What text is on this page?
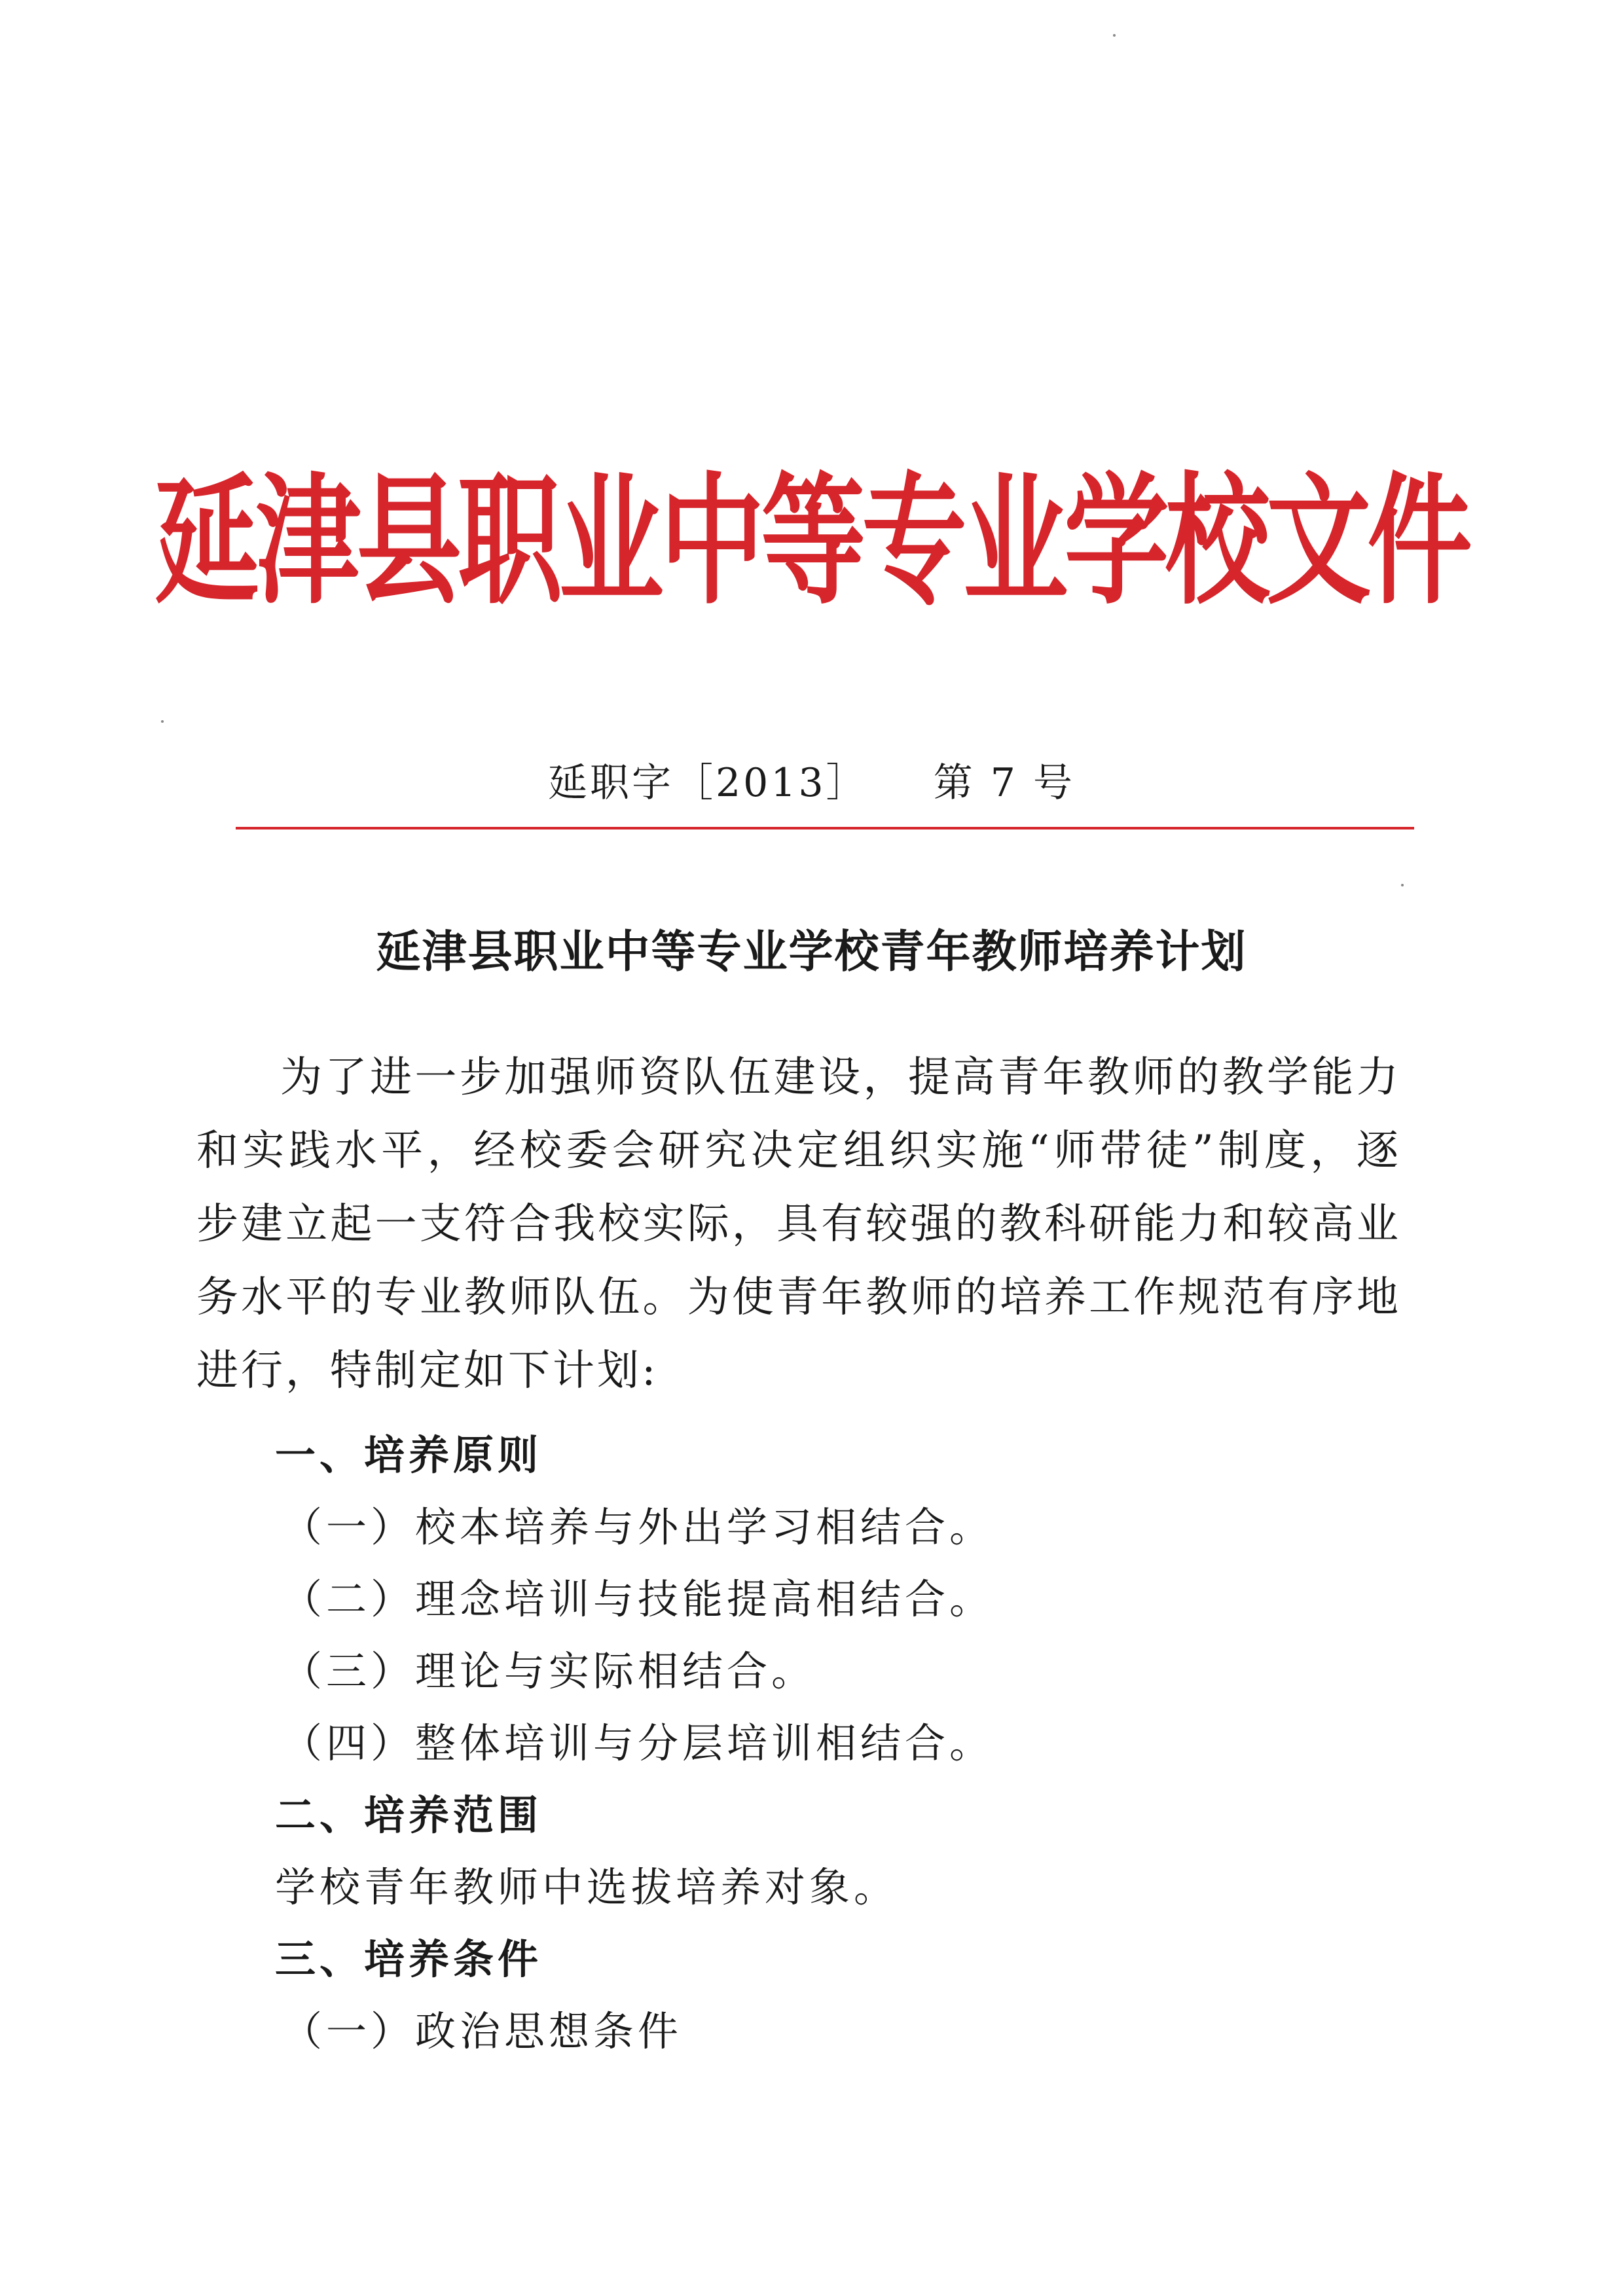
延津县职业中等专业学校文件
延职字［2013］ 第 7 号
延津县职业中等专业学校青年教师培养计划
为了进一步加强师资队伍建设，提高青年教师的教学能力和实践水平，经校委会研究决定组织实施“师带徒”制度，逐步建立起一支符合我校实际，具有较强的教科研能力和较高业务水平的专业教师队伍。为使青年教师的培养工作规范有序地进行，特制定如下计划:
一、培养原则
（一）校本培养与外出学习相结合。
（二）理念培训与技能提高相结合。
（三）理论与实际相结合。
（四）整体培训与分层培训相结合。
二、培养范围
学校青年教师中选拔培养对象。
三、培养条件
（一）政治思想条件
